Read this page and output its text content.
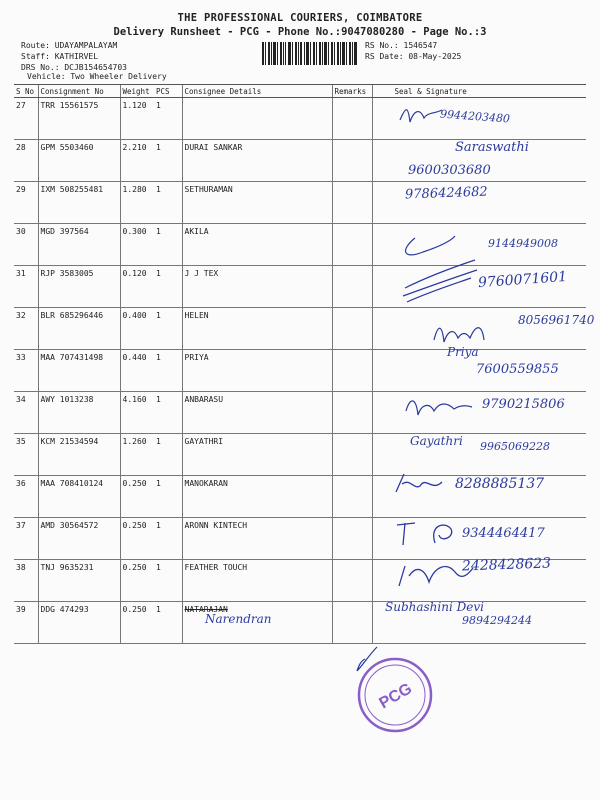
THE PROFESSIONAL COURIERS, COIMBATORE
Delivery Runsheet - PCG - Phone No.:9047080280 - Page No.:3
Route: UDAYAMPALAYAM
Staff: KATHIRVEL
DRS No.: DCJB154654703
Vehicle: Two Wheeler Delivery
RS No.: 1546547
RS Date: 08-May-2025
S No	Consignment No	Weight	PCS	Consignee Details	Remarks	Seal & Signature
27	TRR 15561575	1.120	1			
28	GPM 5503460	2.210	1	DURAI SANKAR		
29	IXM 508255481	1.280	1	SETHURAMAN		
30	MGD 397564	0.300	1	AKILA		
31	RJP 3583005	0.120	1	J J TEX		
32	BLR 685296446	0.400	1	HELEN		
33	MAA 707431498	0.440	1	PRIYA		
34	AWY 1013238	4.160	1	ANBARASU		
35	KCM 21534594	1.260	1	GAYATHRI		
36	MAA 708410124	0.250	1	MANOKARAN		
37	AMD 30564572	0.250	1	ARONN KINTECH		
38	TNJ 9635231	0.250	1	FEATHER TOUCH		
39	DDG 474293	0.250	1	NATARAJAN		
Narendran
9944203480
Saraswathi
9600303680
9786424682
9144949008
9760071601
8056961740
Priya
7600559855
9790215806
Gayathri 9965069228
8288885137
9344464417
2428428623
Subhashini Devi
9894294244
PCG
